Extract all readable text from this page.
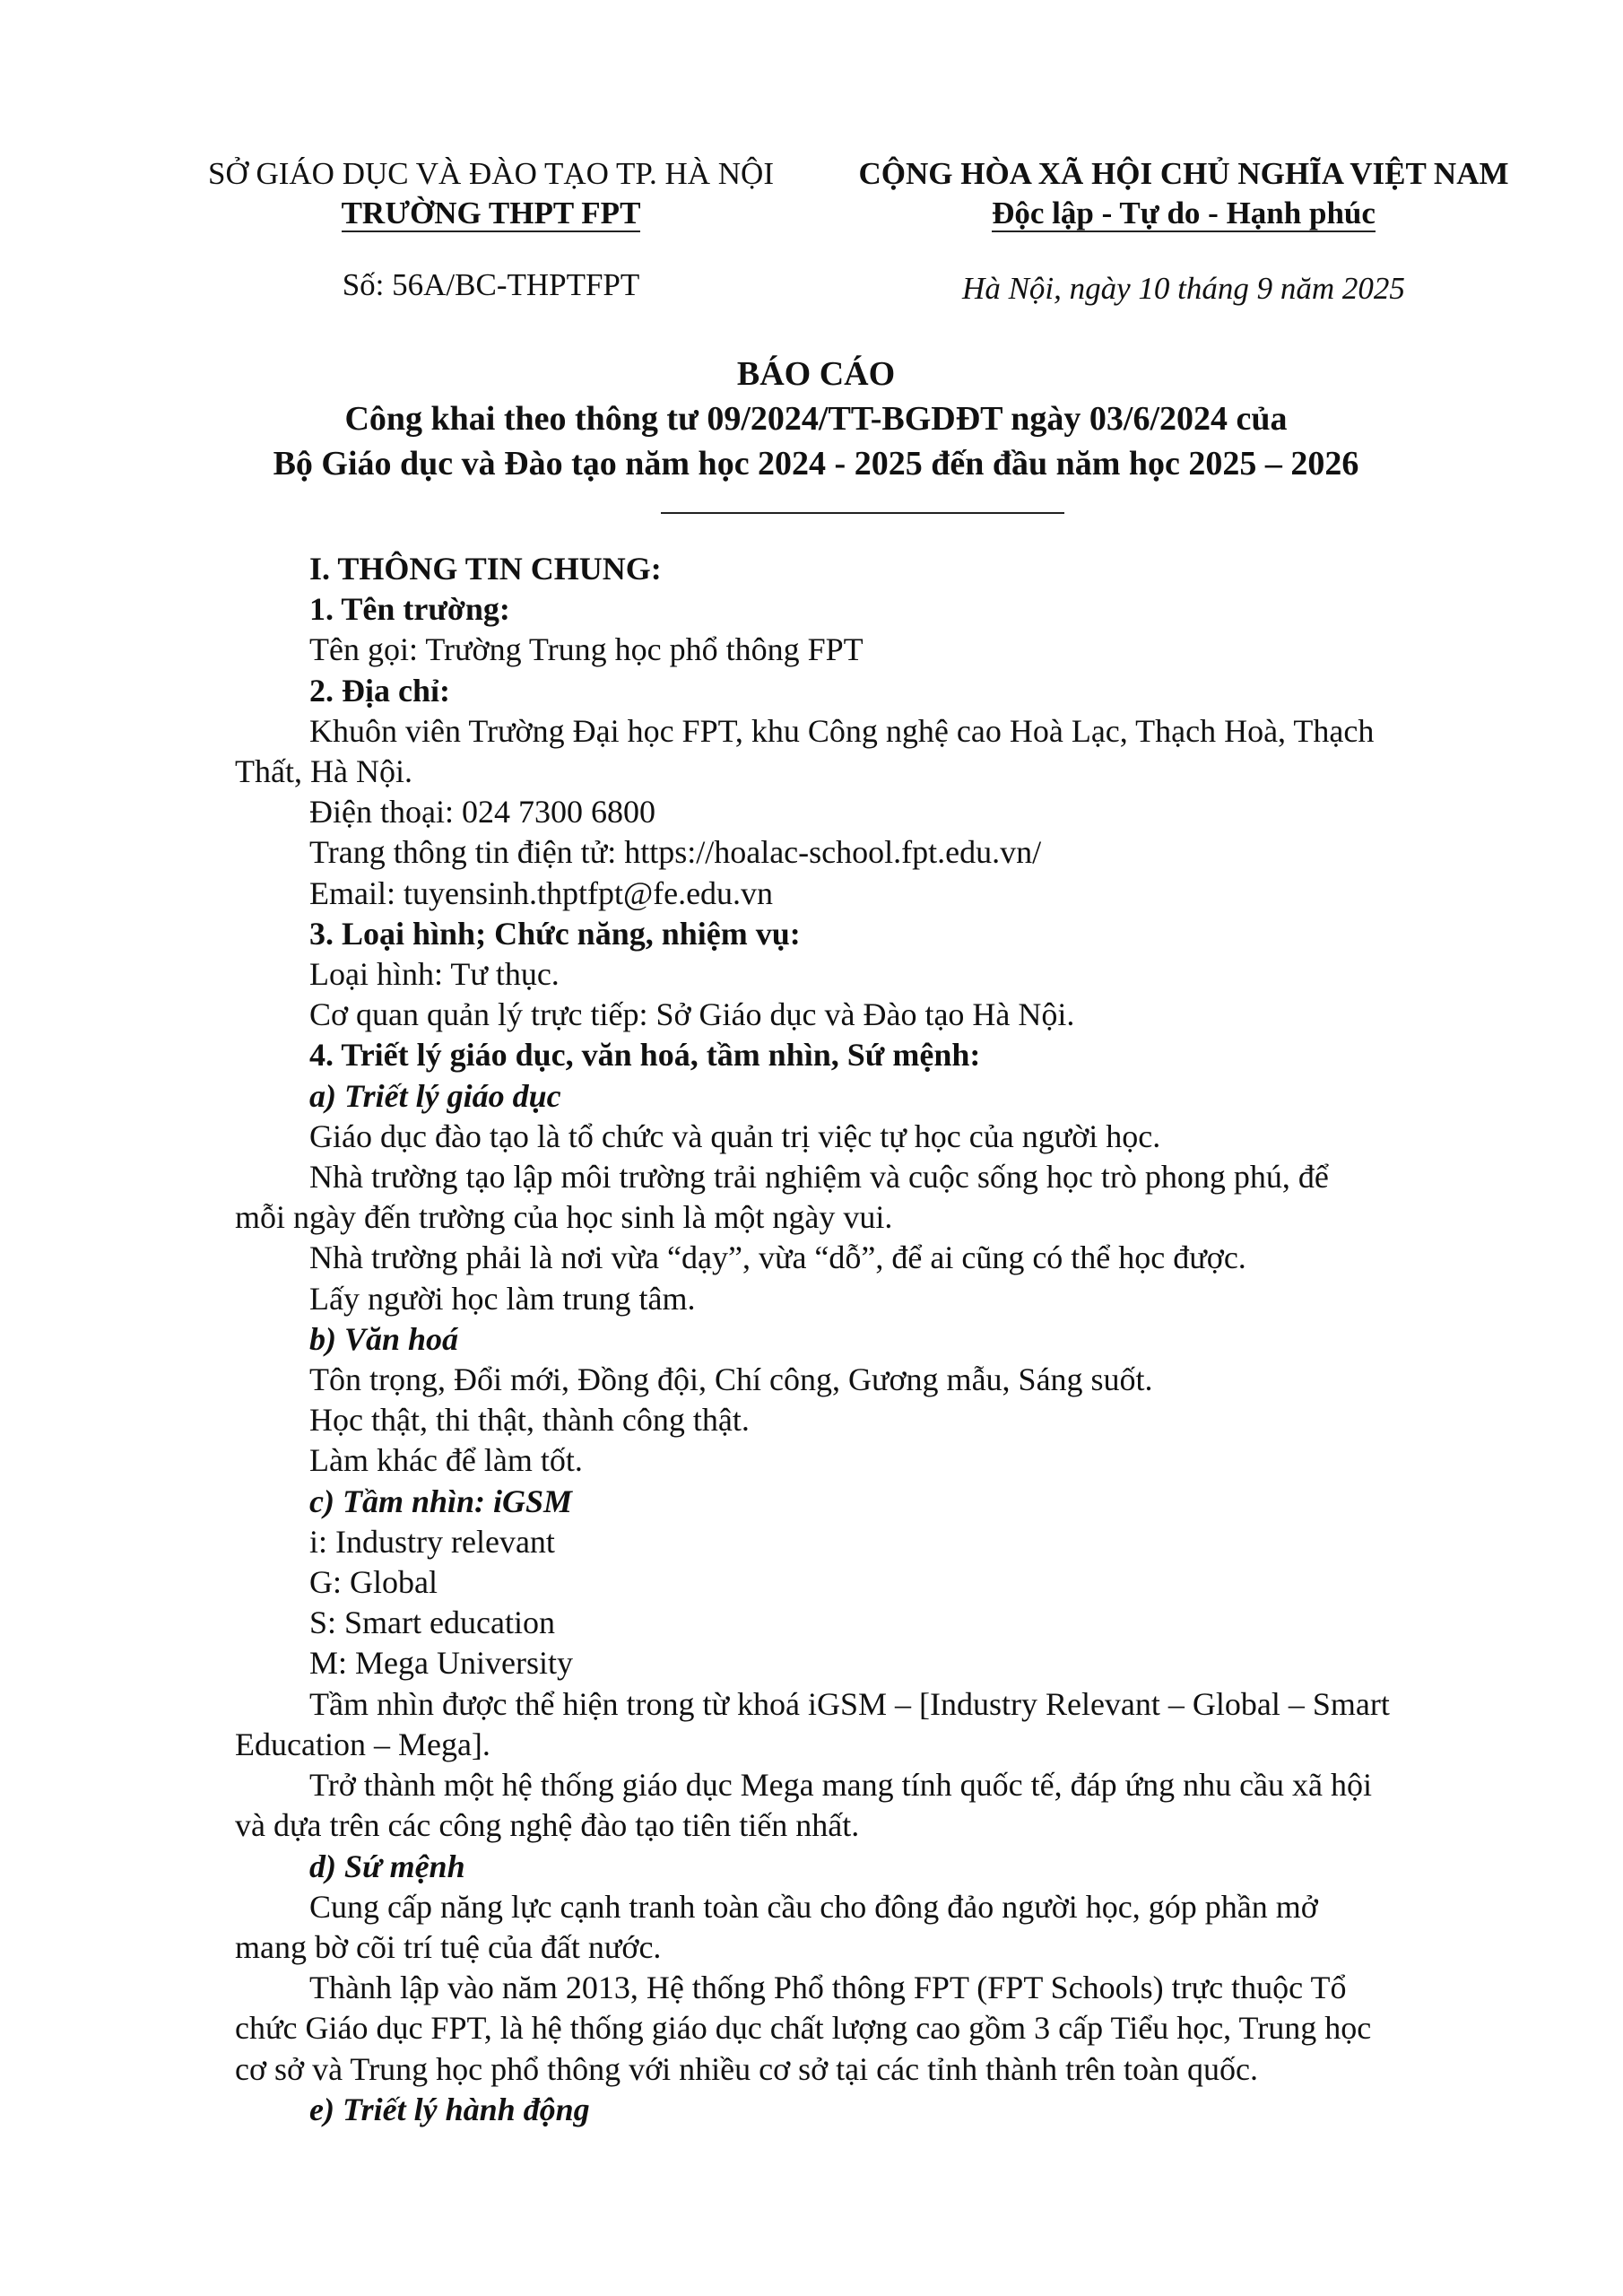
SỞ GIÁO DỤC VÀ ĐÀO TẠO TP. HÀ NỘI
TRƯỜNG THPT FPT
CỘNG HÒA XÃ HỘI CHỦ NGHĨA VIỆT NAM
Độc lập - Tự do - Hạnh phúc
Số: 56A/BC-THPTFPT	Hà Nội, ngày 10 tháng 9 năm 2025
BÁO CÁO
Công khai theo thông tư 09/2024/TT-BGDĐT ngày 03/6/2024 của
Bộ Giáo dục và Đào tạo năm học 2024 - 2025 đến đầu năm học 2025 – 2026

I. THÔNG TIN CHUNG:

1. Tên trường:

Tên gọi: Trường Trung học phổ thông FPT

2. Địa chỉ:

Khuôn viên Trường Đại học FPT, khu Công nghệ cao Hoà Lạc, Thạch Hoà, Thạch

Thất, Hà Nội.

Điện thoại: 024 7300 6800

Trang thông tin điện tử: https://hoalac-school.fpt.edu.vn/

Email: tuyensinh.thptfpt@fe.edu.vn

3. Loại hình; Chức năng, nhiệm vụ:

Loại hình: Tư thục.

Cơ quan quản lý trực tiếp: Sở Giáo dục và Đào tạo Hà Nội.

4. Triết lý giáo dục, văn hoá, tầm nhìn, Sứ mệnh:

a) Triết lý giáo dục

Giáo dục đào tạo là tổ chức và quản trị việc tự học của người học.

Nhà trường tạo lập môi trường trải nghiệm và cuộc sống học trò phong phú, để

mỗi ngày đến trường của học sinh là một ngày vui.

Nhà trường phải là nơi vừa “dạy”, vừa “dỗ”, để ai cũng có thể học được.

Lấy người học làm trung tâm.

b) Văn hoá

Tôn trọng, Đổi mới, Đồng đội, Chí công, Gương mẫu, Sáng suốt.

Học thật, thi thật, thành công thật.

Làm khác để làm tốt.

c) Tầm nhìn: iGSM

i: Industry relevant

G: Global

S: Smart education

M: Mega University

Tầm nhìn được thể hiện trong từ khoá iGSM – [Industry Relevant – Global – Smart

Education – Mega].

Trở thành một hệ thống giáo dục Mega mang tính quốc tế, đáp ứng nhu cầu xã hội

và dựa trên các công nghệ đào tạo tiên tiến nhất.

d) Sứ mệnh

Cung cấp năng lực cạnh tranh toàn cầu cho đông đảo người học, góp phần mở

mang bờ cõi trí tuệ của đất nước.

Thành lập vào năm 2013, Hệ thống Phổ thông FPT (FPT Schools) trực thuộc Tổ

chức Giáo dục FPT, là hệ thống giáo dục chất lượng cao gồm 3 cấp Tiểu học, Trung học

cơ sở và Trung học phổ thông với nhiều cơ sở tại các tỉnh thành trên toàn quốc.

e) Triết lý hành động
